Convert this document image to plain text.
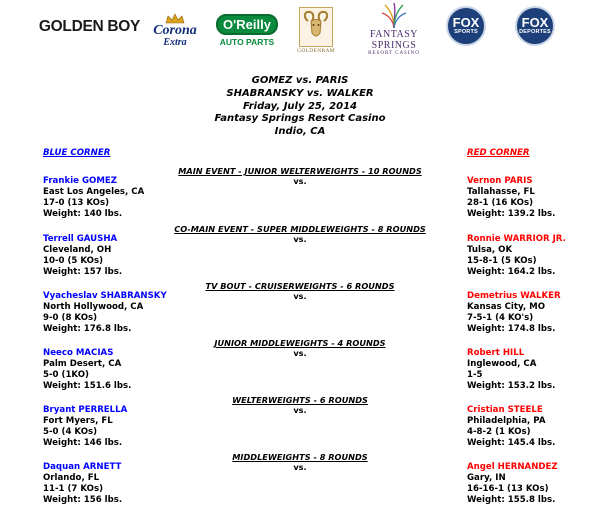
GOLDEN BOY Corona
Extra
O'Reilly
AUTO PARTS
GOLDENRAM
FANTASY SPRINGS
RESORT CASINO
FOX
SPORTS
FOX
DEPORTES
GOMEZ vs. PARIS
SHABRANSKY vs. WALKER
Friday, July 25, 2014
Fantasy Springs Resort Casino
Indio, CA
BLUE CORNER	RED CORNER
MAIN EVENT - JUNIOR WELTERWEIGHTS - 10 ROUNDS
vs.
Frankie GOMEZ
East Los Angeles, CA
17-0 (13 KOs)
Weight: 140 lbs.
Vernon PARIS
Tallahasse, FL
28-1 (16 KOs)
Weight: 139.2 lbs.
CO-MAIN EVENT - SUPER MIDDLEWEIGHTS - 8 ROUNDS
vs.
Terrell GAUSHA
Cleveland, OH
10-0 (5 KOs)
Weight: 157 lbs.
Ronnie WARRIOR JR.
Tulsa, OK
15-8-1 (5 KOs)
Weight: 164.2 lbs.
TV BOUT - CRUISERWEIGHTS - 6 ROUNDS
vs.
Vyacheslav SHABRANSKY
North Hollywood, CA
9-0 (8 KOs)
Weight: 176.8 lbs.
Demetrius WALKER
Kansas City, MO
7-5-1 (4 KO's)
Weight: 174.8 lbs.
JUNIOR MIDDLEWEIGHTS - 4 ROUNDS
vs.
Neeco MACIAS
Palm Desert, CA
5-0 (1KO)
Weight: 151.6 lbs.
Robert HILL
Inglewood, CA
1-5
Weight: 153.2 lbs.
WELTERWEIGHTS - 6 ROUNDS
vs.
Bryant PERRELLA
Fort Myers, FL
5-0 (4 KOs)
Weight: 146 lbs.
Cristian STEELE
Philadelphia, PA
4-8-2 (1 KOs)
Weight: 145.4 lbs.
MIDDLEWEIGHTS - 8 ROUNDS
vs.
Daquan ARNETT
Orlando, FL
11-1 (7 KOs)
Weight: 156 lbs.
Angel HERNANDEZ
Gary, IN
16-16-1 (13 KOs)
Weight: 155.8 lbs.
